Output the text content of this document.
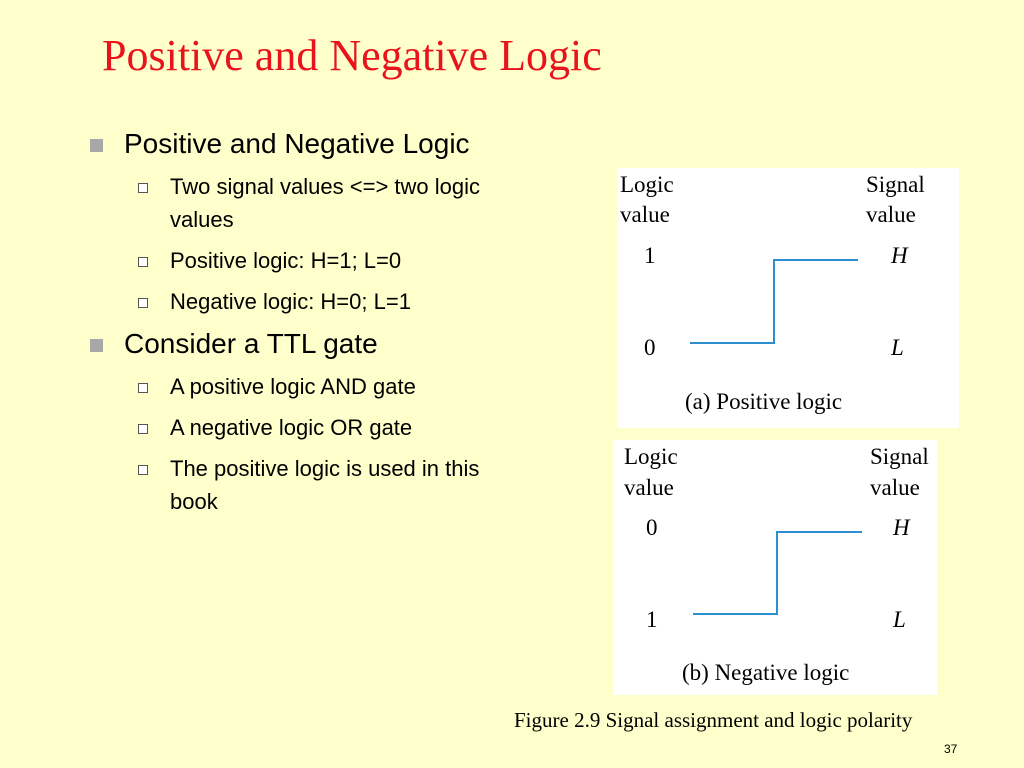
Positive and Negative Logic
Positive and Negative Logic
Two signal values <=> two logic values
Positive logic: H=1; L=0
Negative logic: H=0; L=1
Consider a TTL gate
A positive logic AND gate
A negative logic OR gate
The positive logic is used in this book
Logic
value
Signal
value
1
0
H
L
(a) Positive logic
Logic
value
Signal
value
0
1
H
L
(b) Negative logic
Figure 2.9 Signal assignment and logic polarity
37
